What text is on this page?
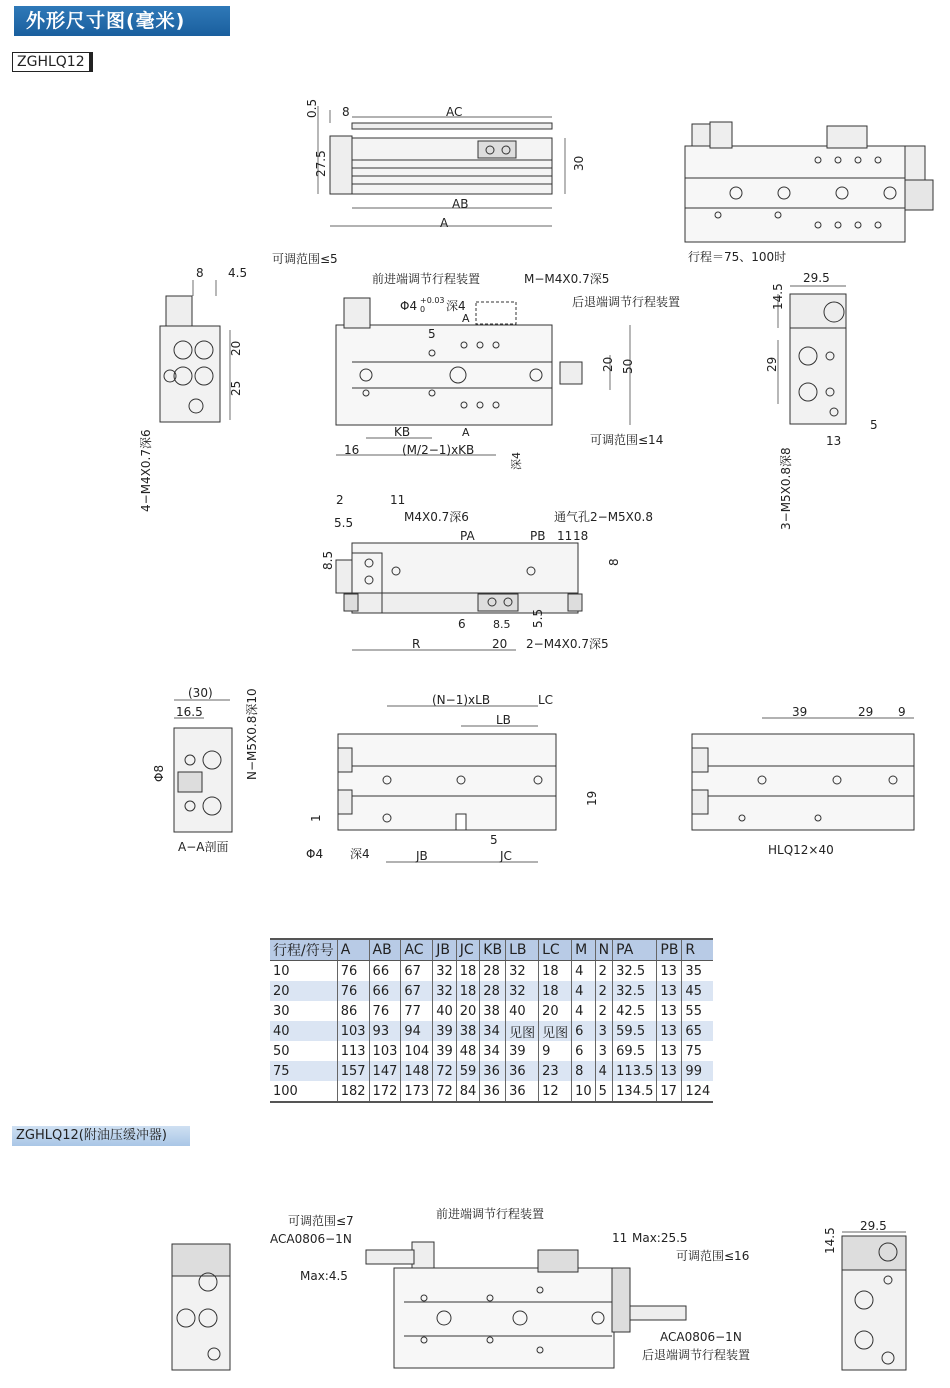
外形尺寸图(毫米)
ZGHLQ12
0.5 8	AC
27.5	30
AB
A
行程＝75、100时
8 4.5
20
25
4−M4X0.7深6
可调范围≤5
前进端调节行程装置	M−M4X0.7深5
Φ4 +0.03
0 深4	后退端调节行程装置
A
A
5
20 50
KB
(M/2−1)xKB
16
可调范围≤14
深4
29.5
14.5
29
5
13
3−M5X0.8深8
2	11
5.5	M4X0.7深6	通气孔2−M5X0.8
PA	PB 11 18
8.5	8
6 8.5 5.5
R	20 2−M4X0.7深5
(30)
16.5	N−M5X0.8深10
Φ8
A−A剖面
(N−1)xLB	LC
LB
19
1
5
JB	JC
Φ4 深4
39	29 9
HLQ12×40
可调范围≤7
ACA0806−1N
前进端调节行程装置
11 Max:25.5
可调范围≤16
Max:4.5
ACA0806−1N
后退端调节行程装置
29.5
14.5
行程/符号	A	AB	AC	JB	JC	KB	LB	LC	M	N	PA	PB	R
10	76	66	67	32	18	28	32	18	4	2	32.5	13	35
20	76	66	67	32	18	28	32	18	4	2	32.5	13	45
30	86	76	77	40	20	38	40	20	4	2	42.5	13	55
40	103	93	94	39	38	34	见图	见图	6	3	59.5	13	65
50	113	103	104	39	48	34	39	9	6	3	69.5	13	75
75	157	147	148	72	59	36	36	23	8	4	113.5	13	99
100	182	172	173	72	84	36	36	12	10	5	134.5	17	124
ZGHLQ12(附油压缓冲器)
